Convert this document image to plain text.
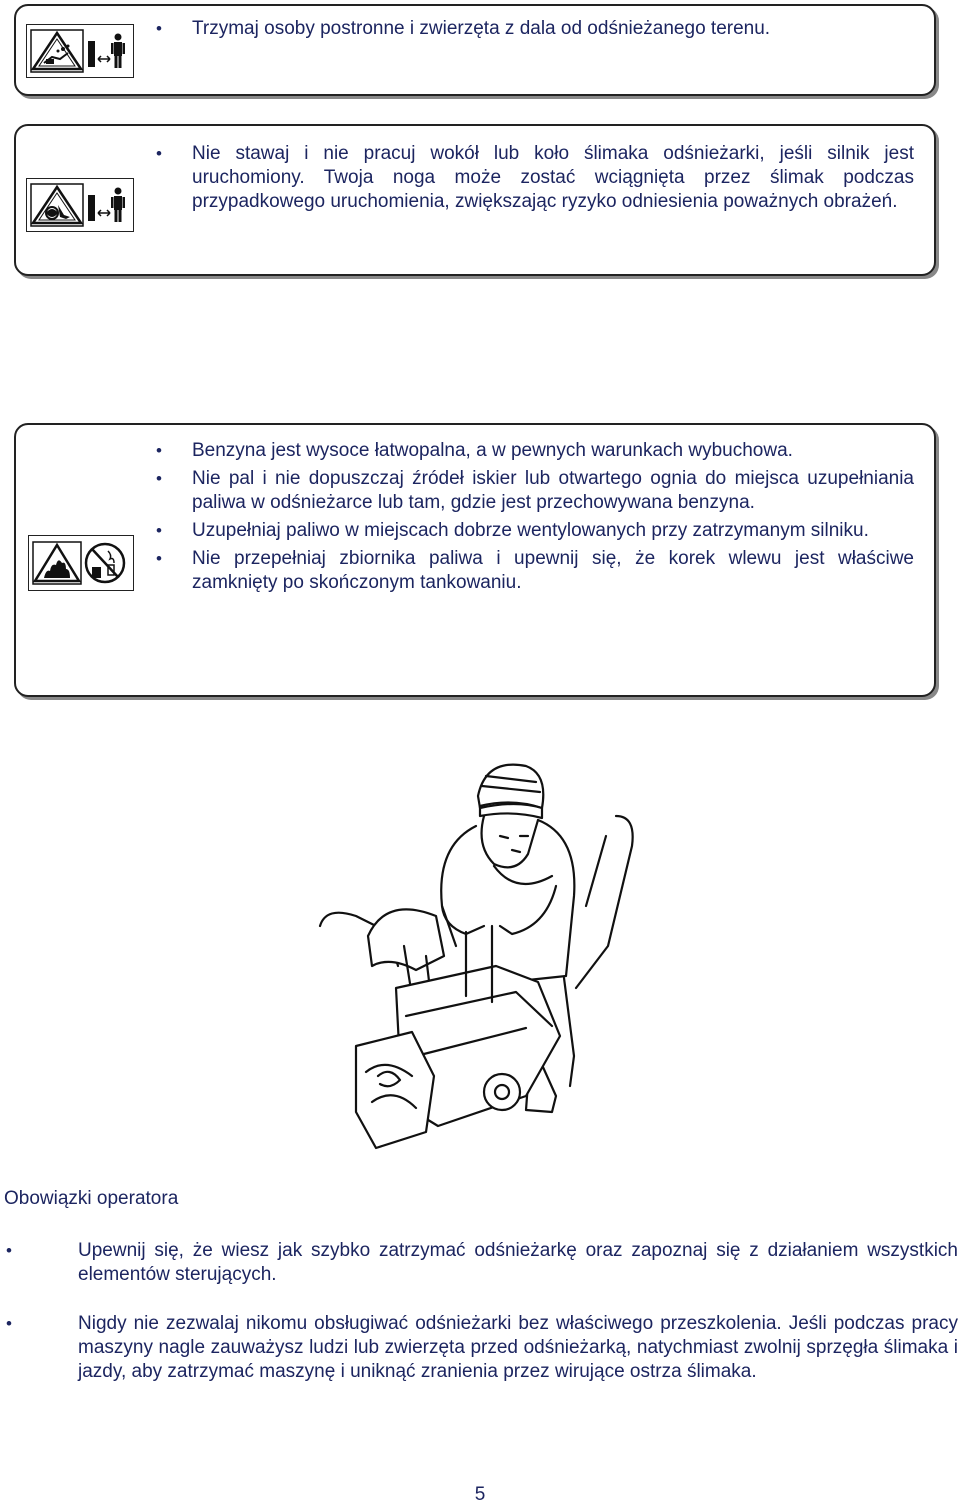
• Trzymaj osoby postronne i zwierzęta z dala od odśnieżanego terenu.
• Nie stawaj i nie pracuj wokół lub koło ślimaka odśnieżarki, jeśli silnik jest uruchomiony. Twoja noga może zostać wciągnięta przez ślimak podczas przypadkowego uruchomienia, zwiększając ryzyko odniesienia poważnych obrażeń.
• Benzyna jest wysoce łatwopalna, a w pewnych warunkach wybuchowa.
• Nie pal i nie dopuszczaj źródeł iskier lub otwartego ognia do miejsca uzupełniania paliwa w odśnieżarce lub tam, gdzie jest przechowywana benzyna.
• Uzupełniaj paliwo w miejscach dobrze wentylowanych przy zatrzymanym silniku.
• Nie przepełniaj zbiornika paliwa i upewnij się, że korek wlewu jest właściwe zamknięty po skończonym tankowaniu.
Obowiązki operatora
• Upewnij się, że wiesz jak szybko zatrzymać odśnieżarkę oraz zapoznaj się z działaniem wszystkich elementów sterujących.
• Nigdy nie zezwalaj nikomu obsługiwać odśnieżarki bez właściwego przeszkolenia. Jeśli podczas pracy maszyny nagle zauważysz ludzi lub zwierzęta przed odśnieżarką, natychmiast zwolnij sprzęgła ślimaka i jazdy, aby zatrzymać maszynę i uniknąć zranienia przez wirujące ostrza ślimaka.
5
